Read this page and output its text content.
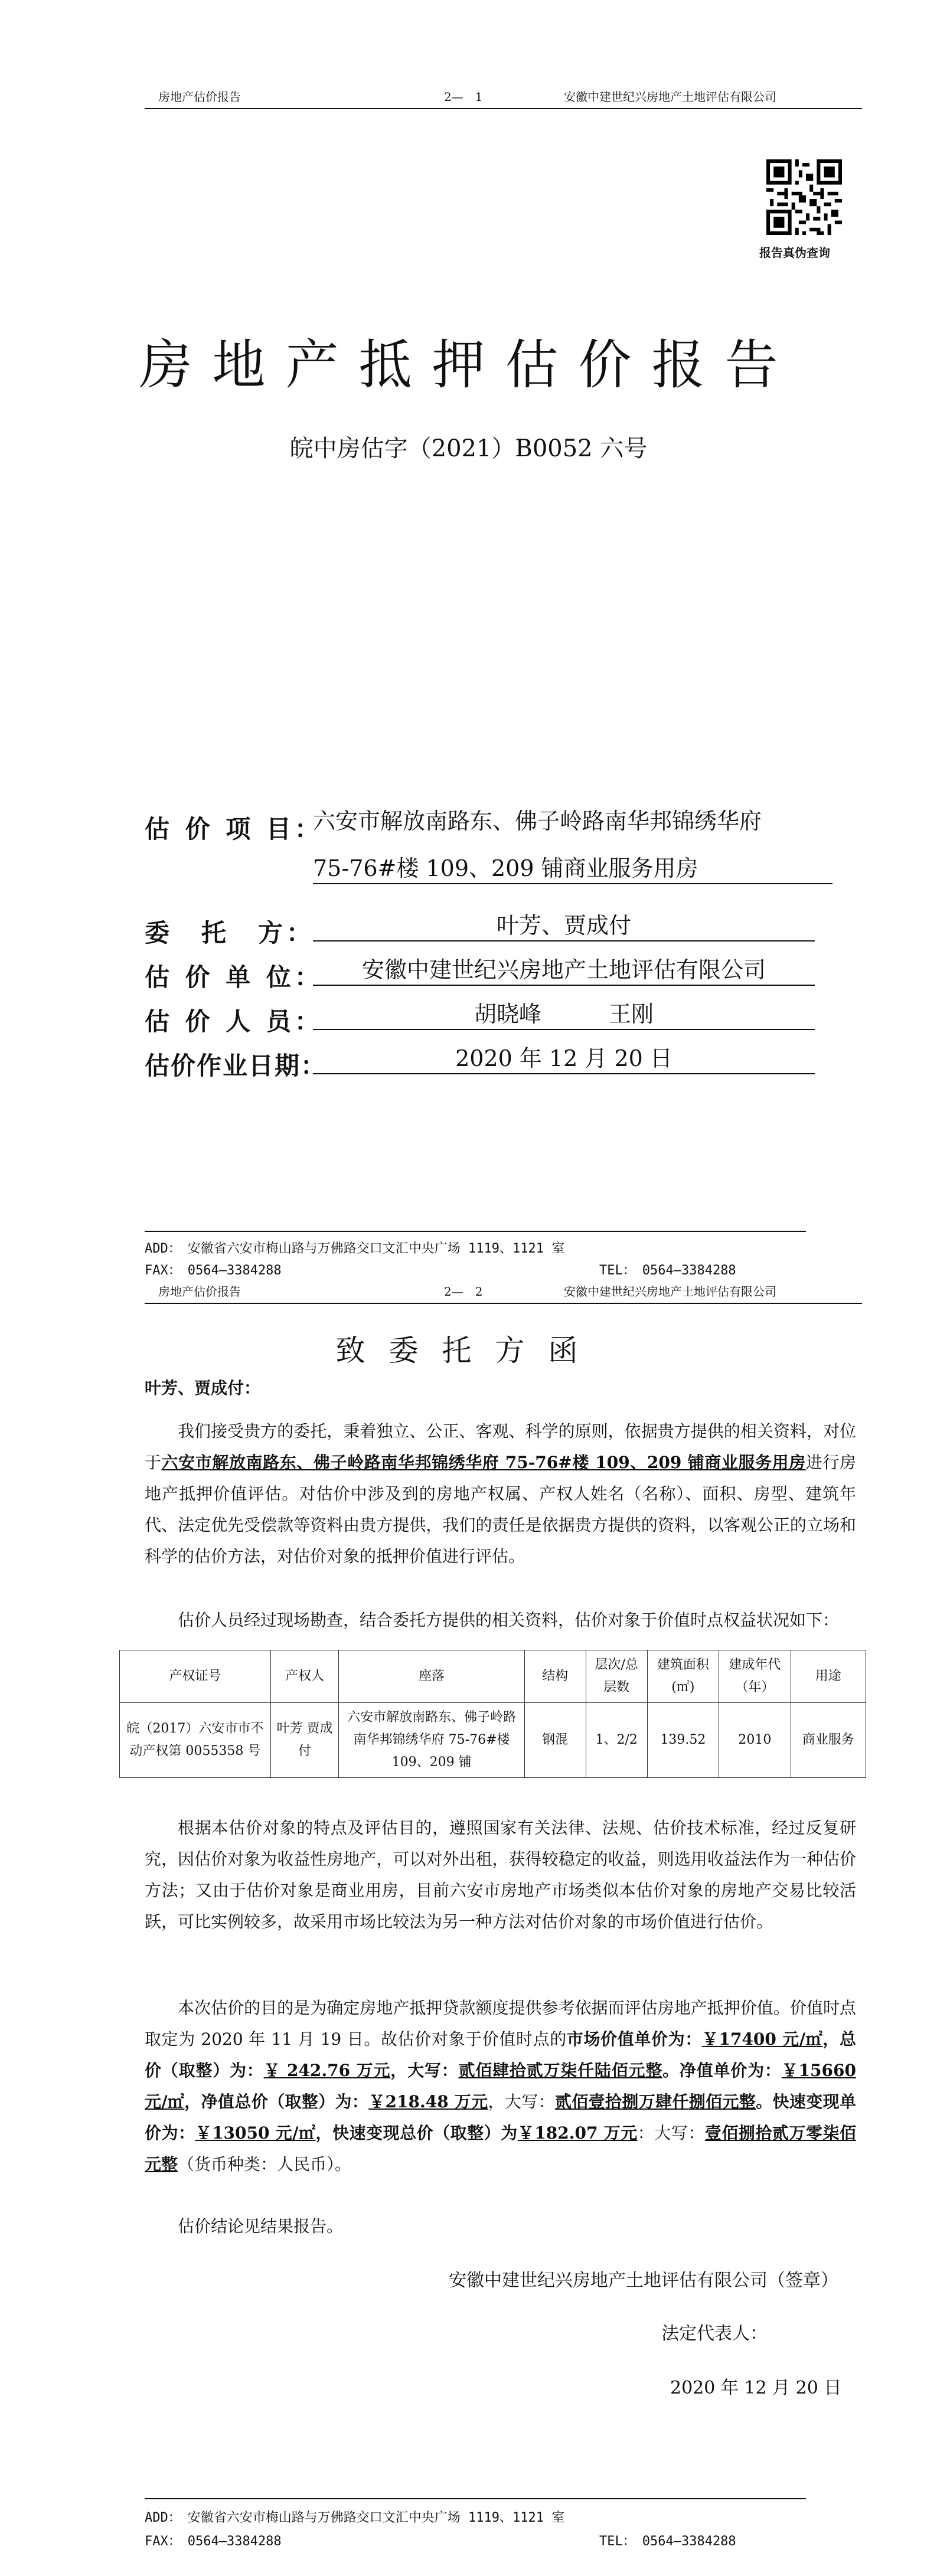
房地产估价报告	2—　1	安徽中建世纪兴房地产土地评估有限公司
报告真伪查询
房地产抵押估价报告
皖中房估字（2021）B0052 六号
估 价 项 目：
六安市解放南路东、佛子岭路南华邦锦绣华府
75-76#楼 109、209 铺商业服务用房
委　托　方：	叶芳、贾成付
估 价 单 位：	安徽中建世纪兴房地产土地评估有限公司
估 价 人 员：	胡晓峰　　　王刚
估价作业日期：	2020 年 12 月 20 日
ADD：　安徽省六安市梅山路与万佛路交口文汇中央广场 1119、1121 室
FAX：　0564—3384288	TEL：　0564—3384288
房地产估价报告	2—　2	安徽中建世纪兴房地产土地评估有限公司
致委托方函
叶芳、贾成付：
我们接受贵方的委托，秉着独立、公正、客观、科学的原则，依据贵方提供的相关资料，对位于六安市解放南路东、佛子岭路南华邦锦绣华府 75-76#楼 109、209 铺商业服务用房进行房地产抵押价值评估。对估价中涉及到的房地产权属、产权人姓名（名称）、面积、房型、建筑年代、法定优先受偿款等资料由贵方提供，我们的责任是依据贵方提供的资料，以客观公正的立场和科学的估价方法，对估价对象的抵押价值进行评估。
估价人员经过现场勘查，结合委托方提供的相关资料，估价对象于价值时点权益状况如下：
产权证号	产权人	座落	结构	层次/总层数	建筑面积(㎡)	建成年代（年）	用途
皖（2017）六安市市不动产权第 0055358 号	叶芳 贾成付	六安市解放南路东、佛子岭路南华邦锦绣华府 75-76#楼 109、209 铺	钢混	1、2/2	139.52	2010	商业服务
根据本估价对象的特点及评估目的，遵照国家有关法律、法规、估价技术标准，经过反复研究，因估价对象为收益性房地产，可以对外出租，获得较稳定的收益，则选用收益法作为一种估价方法；又由于估价对象是商业用房，目前六安市房地产市场类似本估价对象的房地产交易比较活跃，可比实例较多，故采用市场比较法为另一种方法对估价对象的市场价值进行估价。
本次估价的目的是为确定房地产抵押贷款额度提供参考依据而评估房地产抵押价值。价值时点取定为 2020 年 11 月 19 日。故估价对象于价值时点的市场价值单价为：￥17400 元/㎡，总价（取整）为：￥ 242.76 万元，大写：贰佰肆拾贰万柒仟陆佰元整。净值单价为：￥15660 元/㎡，净值总价（取整）为：￥218.48 万元，大写：贰佰壹拾捌万肆仟捌佰元整。快速变现单价为：￥13050 元/㎡，快速变现总价（取整）为￥182.07 万元：大写：壹佰捌拾贰万零柒佰元整（货币种类：人民币）。
估价结论见结果报告。
安徽中建世纪兴房地产土地评估有限公司（签章）
法定代表人：
2020 年 12 月 20 日
ADD：　安徽省六安市梅山路与万佛路交口文汇中央广场 1119、1121 室
FAX：　0564—3384288	TEL：　0564—3384288
